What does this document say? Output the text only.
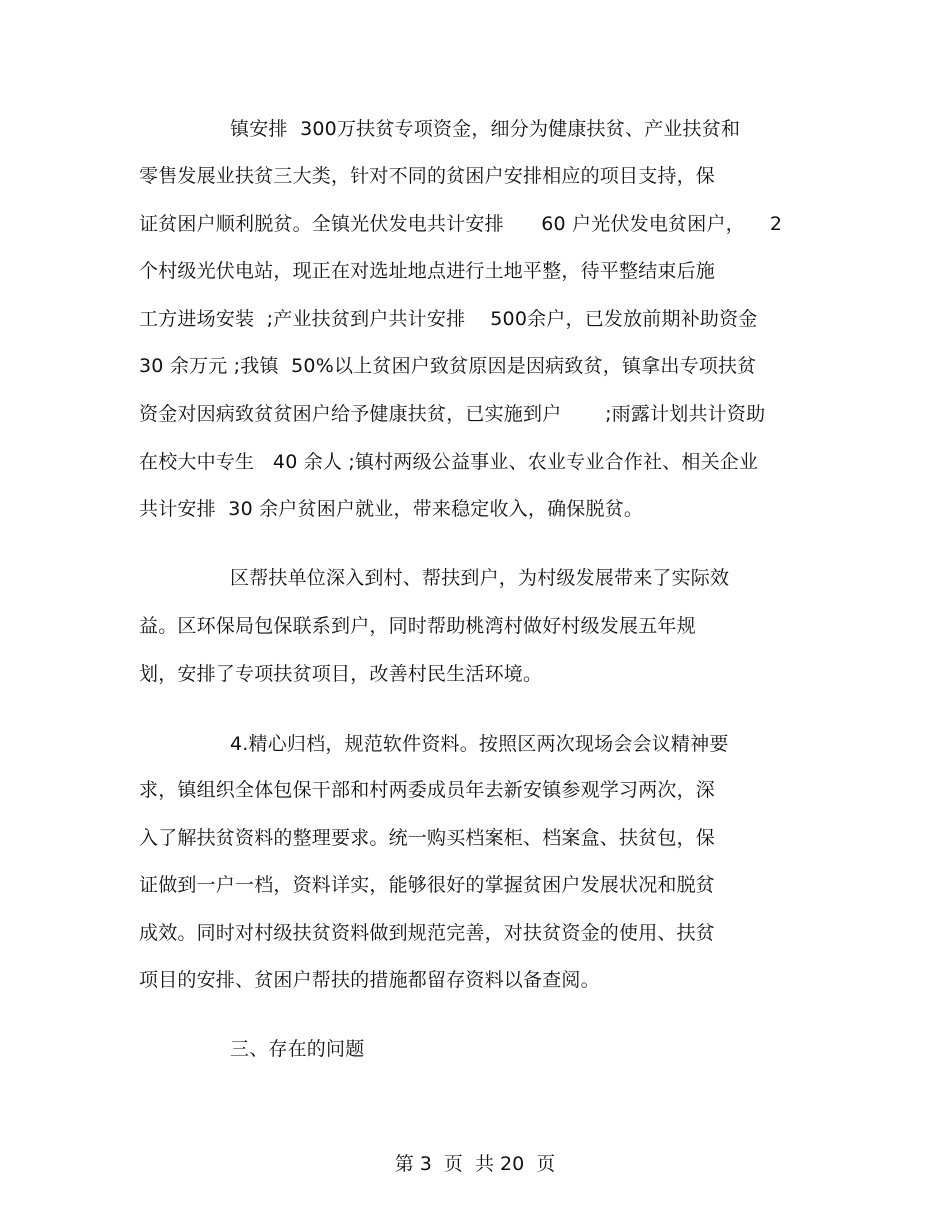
镇安排  300万扶贫专项资金，细分为健康扶贫、产业扶贫和
零售发展业扶贫三大类，针对不同的贫困户安排相应的项目支持，保
证贫困户顺利脱贫。全镇光伏发电共计安排      60 户光伏发电贫困户，    2
个村级光伏电站，现正在对选址地点进行土地平整，待平整结束后施
工方进场安装  ;产业扶贫到户共计安排    500余户，已发放前期补助资金
30 余万元 ;我镇  50%以上贫困户致贫原因是因病致贫，镇拿出专项扶贫
资金对因病致贫贫困户给予健康扶贫，已实施到户       ;雨露计划共计资助
在校大中专生   40 余人 ;镇村两级公益事业、农业专业合作社、相关企业
共计安排  30 余户贫困户就业，带来稳定收入，确保脱贫。
区帮扶单位深入到村、帮扶到户，为村级发展带来了实际效
益。区环保局包保联系到户，同时帮助桃湾村做好村级发展五年规
划，安排了专项扶贫项目，改善村民生活环境。
4.精心归档，规范软件资料。按照区两次现场会会议精神要
求，镇组织全体包保干部和村两委成员年去新安镇参观学习两次，深
入了解扶贫资料的整理要求。统一购买档案柜、档案盒、扶贫包，保
证做到一户一档，资料详实，能够很好的掌握贫困户发展状况和脱贫
成效。同时对村级扶贫资料做到规范完善，对扶贫资金的使用、扶贫
项目的安排、贫困户帮扶的措施都留存资料以备查阅。
三、存在的问题
第 3  页  共 20  页
